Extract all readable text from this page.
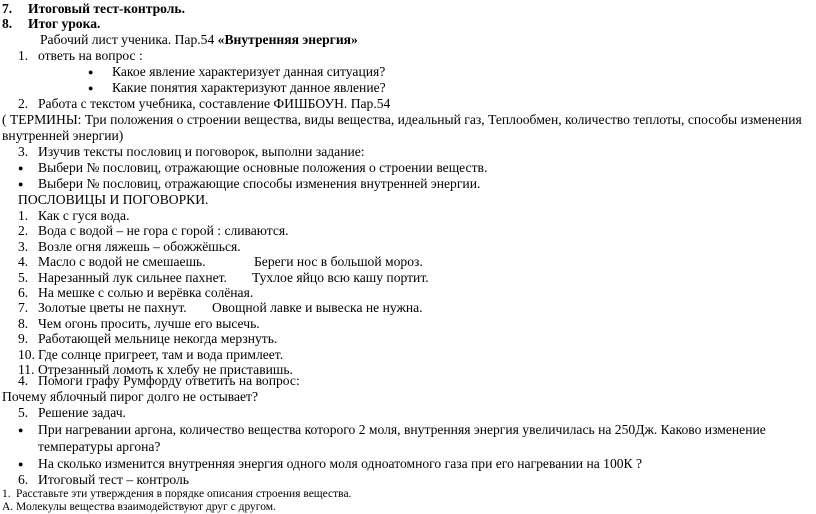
7. Итоговый тест-контроль.
8. Итог урока.
Рабочий лист ученика. Пар.54 «Внутренняя энергия»
1. ответь на вопрос :
● Какое явление характеризует данная ситуация?
● Какие понятия характеризуют данное явление?
2. Работа с текстом учебника, составление ФИШБОУН. Пар.54
( ТЕРМИНЫ: Три положения о строении вещества, виды вещества, идеальный газ, Теплообмен, количество теплоты, способы изменения
внутренней энергии)
3. Изучив тексты пословиц и поговорок, выполни задание:
● Выбери № пословиц, отражающие основные положения о строении веществ.
● Выбери № пословиц, отражающие способы изменения внутренней энергии.
ПОСЛОВИЦЫ И ПОГОВОРКИ.
1. Как с гуся вода.
2. Вода с водой – не гора с горой : сливаются.
3. Возле огня ляжешь – обожжёшься.
4. Масло с водой не смешаешь.	Береги нос в большой мороз.
5. Нарезанный лук сильнее пахнет. Тухлое яйцо всю кашу портит.
6. На мешке с солью и верёвка солёная.
7. Золотые цветы не пахнут. Овощной лавке и вывеска не нужна.
8. Чем огонь просить, лучше его высечь.
9. Работающей мельнице некогда мерзнуть.
10. Где солнце пригреет, там и вода примлеет.
11. Отрезанный ломоть к хлебу не приставишь.
4. Помоги графу Румфорду ответить на вопрос:
Почему яблочный пирог долго не остывает?
5. Решение задач.
● При нагревании аргона, количество вещества которого 2 моля, внутренняя энергия увеличилась на 250Дж. Каково изменение
температуры аргона?
● На сколько изменится внутренняя энергия одного моля одноатомного газа при его нагревании на 100К ?
6. Итоговый тест – контроль
1. Расставьте эти утверждения в порядке описания строения вещества.
А. Молекулы вещества взаимодействуют друг с другом.
